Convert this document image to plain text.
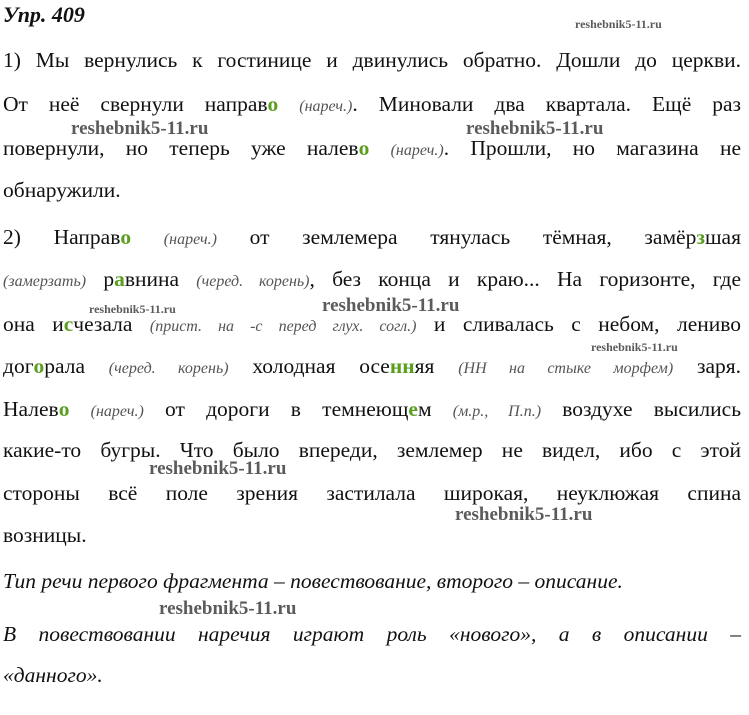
Упр. 409
1) Мы вернулись к гостинице и двинулись обратно. Дошли до церкви.
От неё свернули направо (нареч.). Миновали два квартала. Ещё раз
повернули, но теперь уже налево (нареч.). Прошли, но магазина не
обнаружили.
2) Направо (нареч.) от землемера тянулась тёмная, замёрзшая
(замерзать) равнина (черед. корень), без конца и краю... На горизонте, где
она исчезала (прист. на -с перед глух. согл.) и сливалась с небом, лениво
догорала (черед. корень) холодная осенняя (НН на стыке морфем) заря.
Налево (нареч.) от дороги в темнеющем (м.р., П.п.) воздухе высились
какие-то бугры. Что было впереди, землемер не видел, ибо с этой
стороны всё поле зрения застилала широкая, неуклюжая спина
возницы.
Тип речи первого фрагмента – повествование, второго – описание.
В повествовании наречия играют роль «нового», а в описании –
«данного».
reshebnik5-11.ru	reshebnik5-11.ru
reshebnik5-11.ru	reshebnik5-11.ru
reshebnik5-11.ru
reshebnik5-11.ru
reshebnik5-11.ru
reshebnik5-11.ru
reshebnik5-11.ru
